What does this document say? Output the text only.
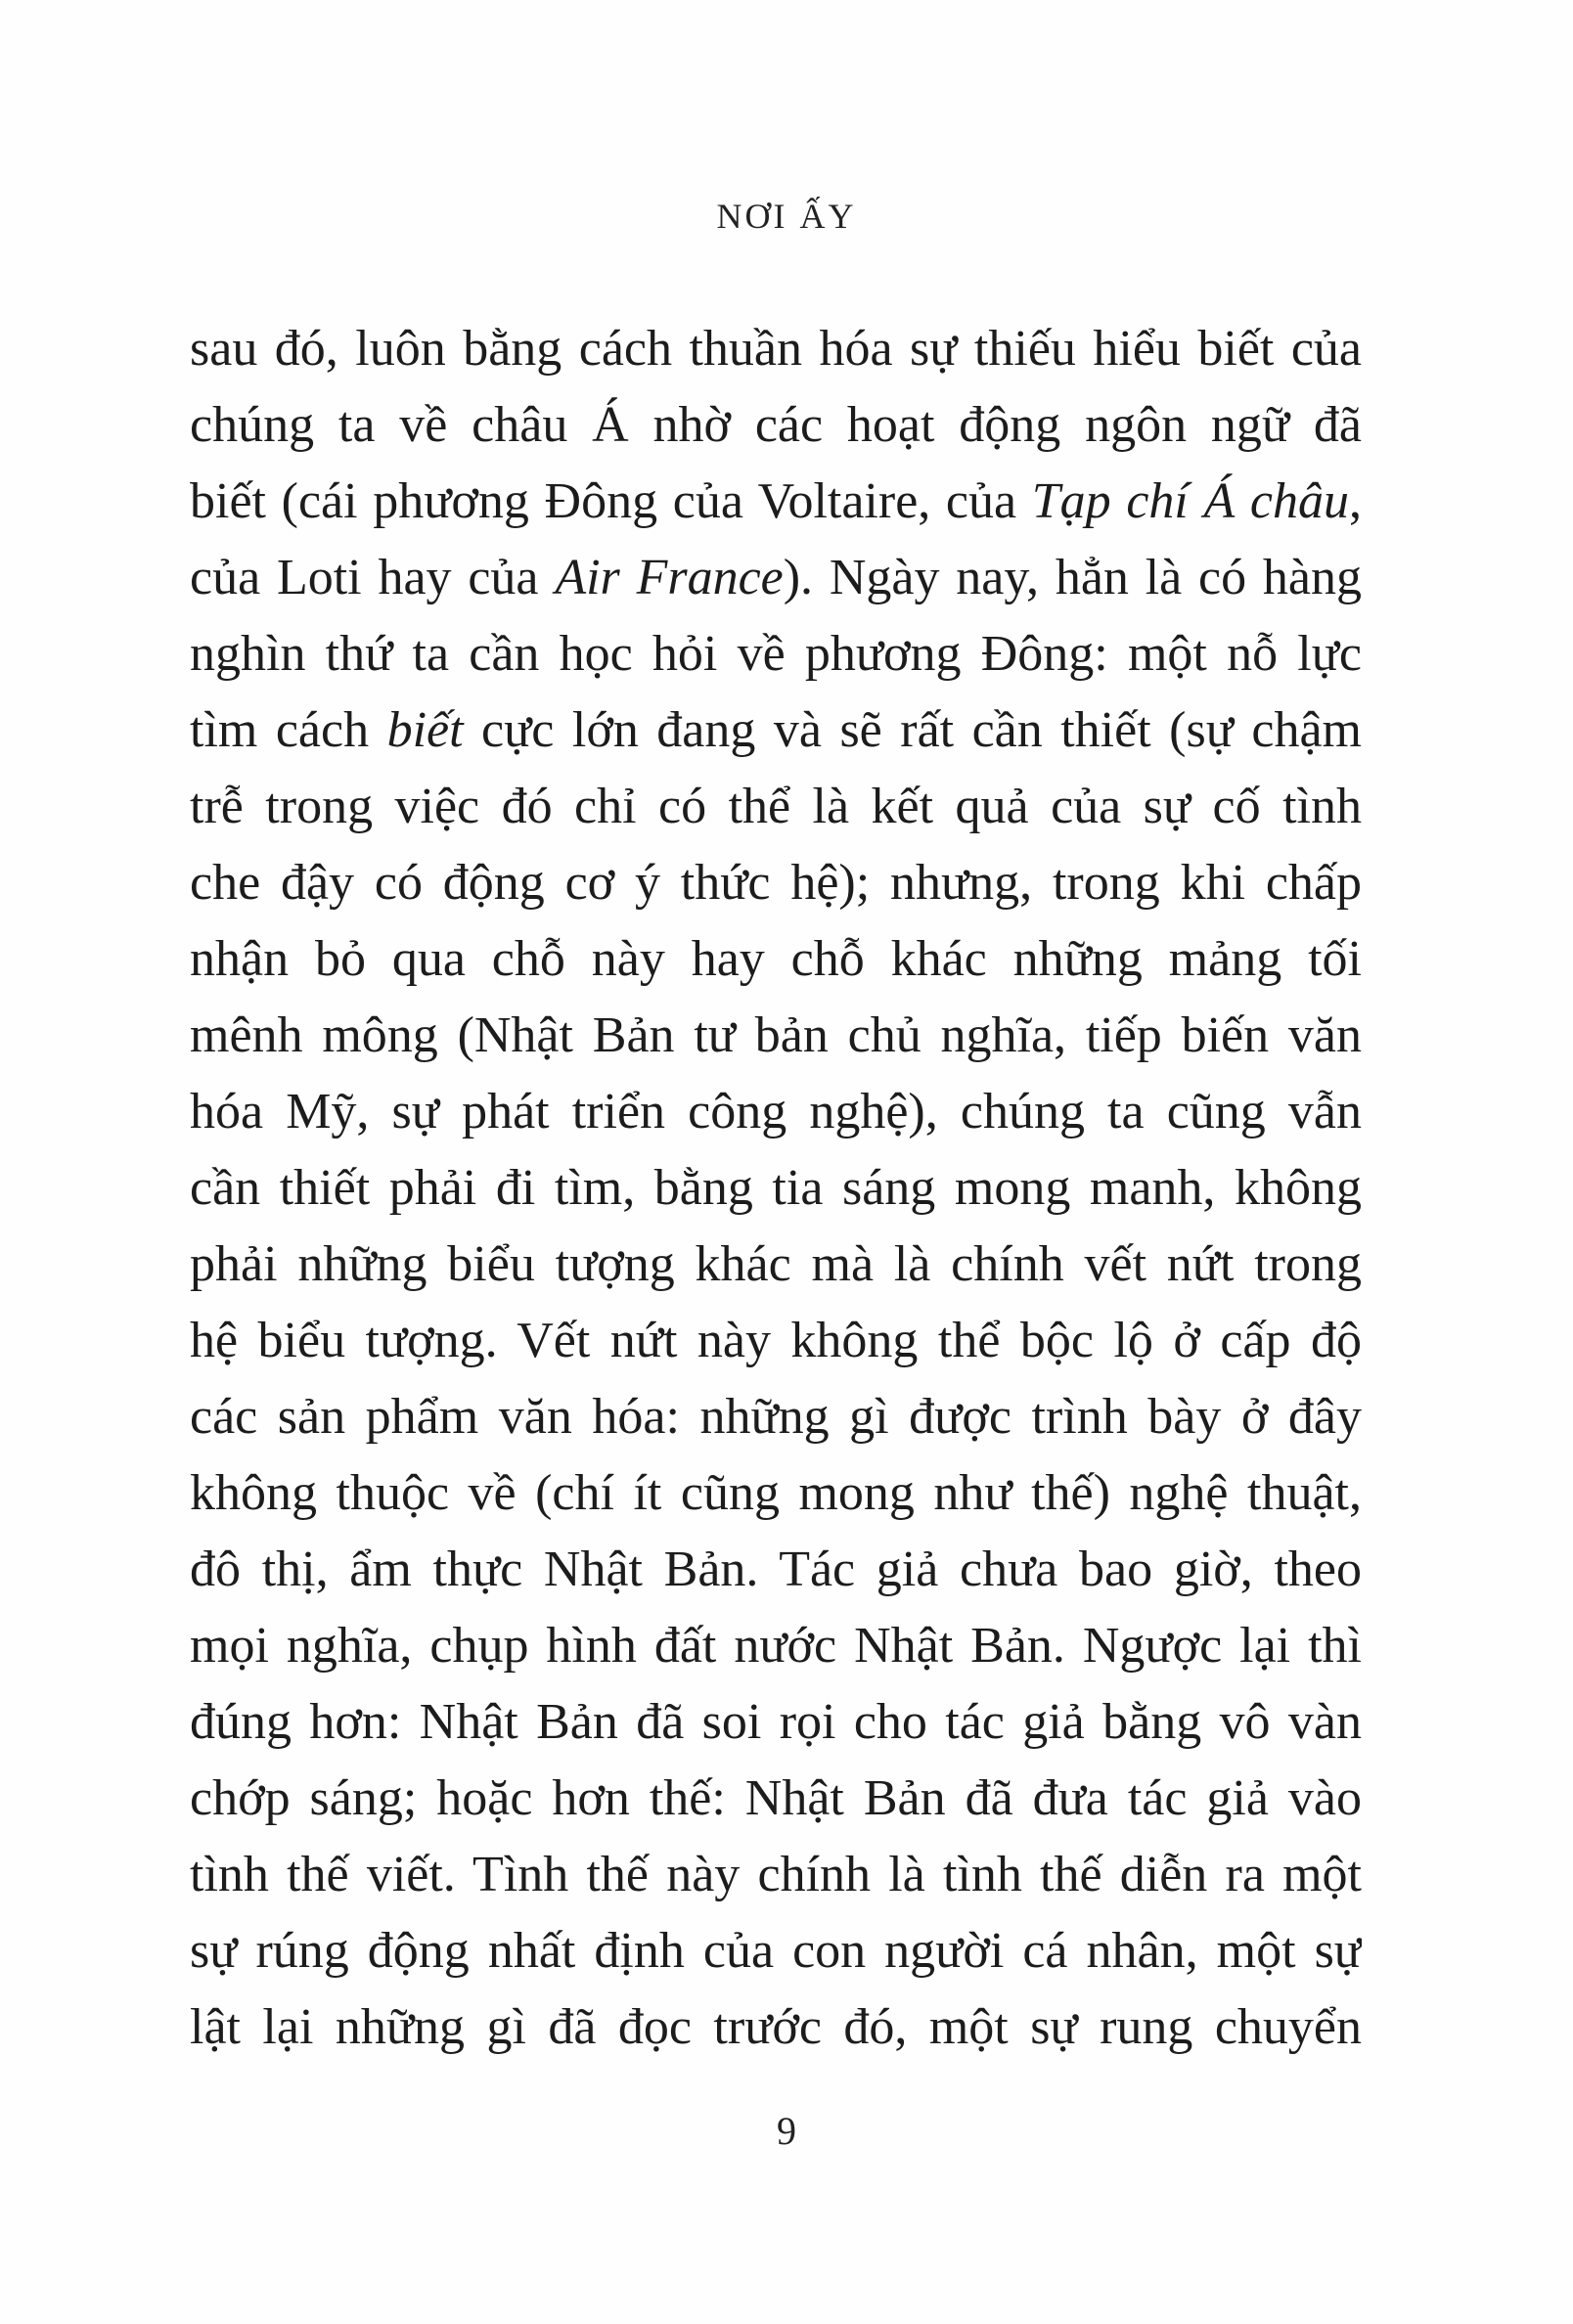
NƠI ẤY
sau đó, luôn bằng cách thuần hóa sự thiếu hiểu biết của
chúng ta về châu Á nhờ các hoạt động ngôn ngữ đã
biết (cái phương Đông của Voltaire, của Tạp chí Á châu,
của Loti hay của Air France). Ngày nay, hẳn là có hàng
nghìn thứ ta cần học hỏi về phương Đông: một nỗ lực
tìm cách biết cực lớn đang và sẽ rất cần thiết (sự chậm
trễ trong việc đó chỉ có thể là kết quả của sự cố tình
che đậy có động cơ ý thức hệ); nhưng, trong khi chấp
nhận bỏ qua chỗ này hay chỗ khác những mảng tối
mênh mông (Nhật Bản tư bản chủ nghĩa, tiếp biến văn
hóa Mỹ, sự phát triển công nghệ), chúng ta cũng vẫn
cần thiết phải đi tìm, bằng tia sáng mong manh, không
phải những biểu tượng khác mà là chính vết nứt trong
hệ biểu tượng. Vết nứt này không thể bộc lộ ở cấp độ
các sản phẩm văn hóa: những gì được trình bày ở đây
không thuộc về (chí ít cũng mong như thế) nghệ thuật,
đô thị, ẩm thực Nhật Bản. Tác giả chưa bao giờ, theo
mọi nghĩa, chụp hình đất nước Nhật Bản. Ngược lại thì
đúng hơn: Nhật Bản đã soi rọi cho tác giả bằng vô vàn
chớp sáng; hoặc hơn thế: Nhật Bản đã đưa tác giả vào
tình thế viết. Tình thế này chính là tình thế diễn ra một
sự rúng động nhất định của con người cá nhân, một sự
lật lại những gì đã đọc trước đó, một sự rung chuyển
9
